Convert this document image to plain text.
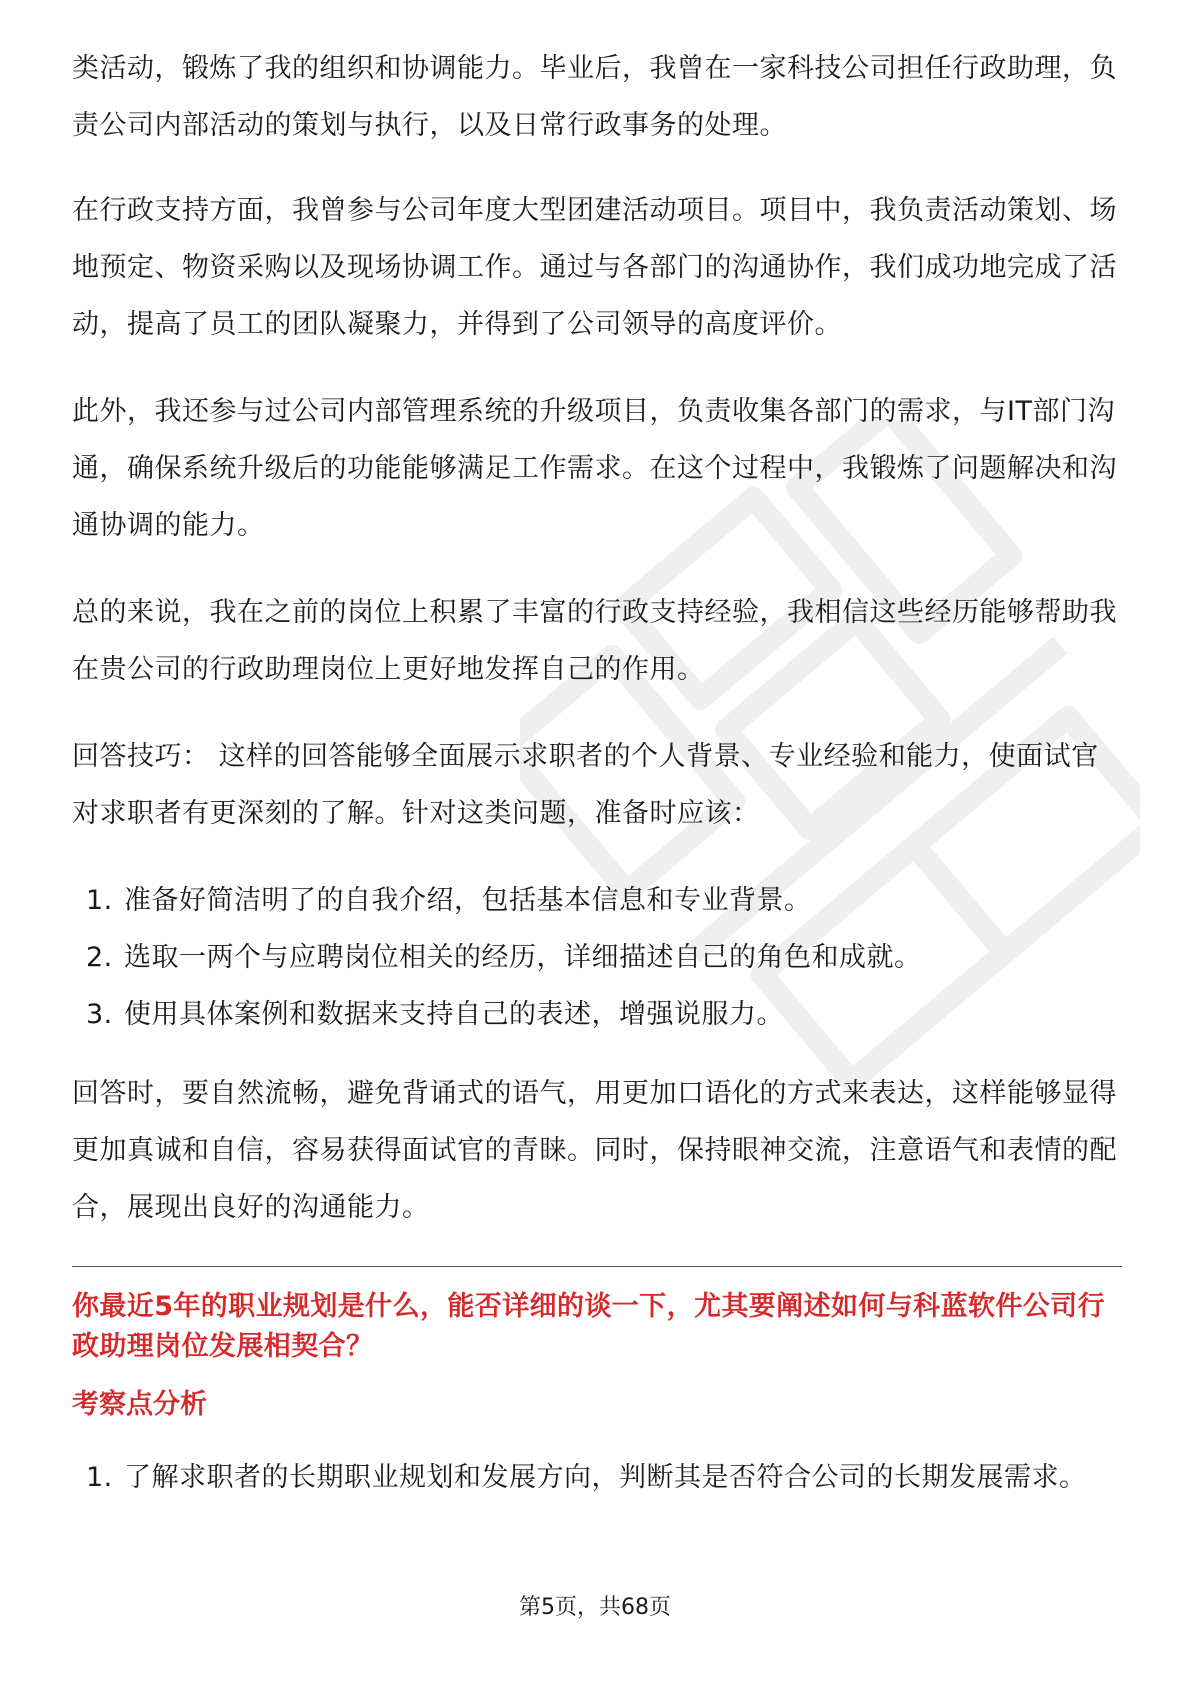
类活动，锻炼了我的组织和协调能力。毕业后，我曾在一家科技公司担任行政助理，负责公司内部活动的策划与执行，以及日常行政事务的处理。

在行政支持方面，我曾参与公司年度大型团建活动项目。项目中，我负责活动策划、场地预定、物资采购以及现场协调工作。通过与各部门的沟通协作，我们成功地完成了活动，提高了员工的团队凝聚力，并得到了公司领导的高度评价。

此外，我还参与过公司内部管理系统的升级项目，负责收集各部门的需求，与IT部门沟通，确保系统升级后的功能能够满足工作需求。在这个过程中，我锻炼了问题解决和沟通协调的能力。

总的来说，我在之前的岗位上积累了丰富的行政支持经验，我相信这些经历能够帮助我在贵公司的行政助理岗位上更好地发挥自己的作用。

回答技巧： 这样的回答能够全面展示求职者的个人背景、专业经验和能力，使面试官对求职者有更深刻的了解。针对这类问题，准备时应该：

1. 准备好简洁明了的自我介绍，包括基本信息和专业背景。
2. 选取一两个与应聘岗位相关的经历，详细描述自己的角色和成就。
3. 使用具体案例和数据来支持自己的表述，增强说服力。

回答时，要自然流畅，避免背诵式的语气，用更加口语化的方式来表达，这样能够显得更加真诚和自信，容易获得面试官的青睐。同时，保持眼神交流，注意语气和表情的配合，展现出良好的沟通能力。

你最近5年的职业规划是什么，能否详细的谈一下，尤其要阐述如何与科蓝软件公司行政助理岗位发展相契合？
考察点分析
1. 了解求职者的长期职业规划和发展方向，判断其是否符合公司的长期发展需求。
第5页，共68页
